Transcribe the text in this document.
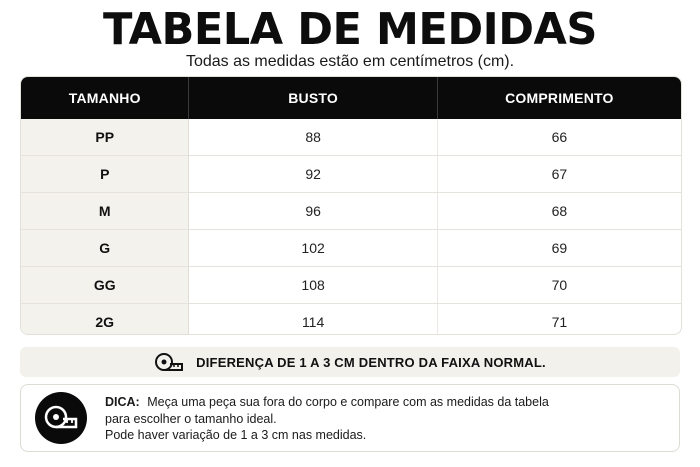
TABELA DE MEDIDAS
Todas as medidas estão em centímetros (cm).
TAMANHO	BUSTO	COMPRIMENTO
PP	88	66
P	92	67
M	96	68
G	102	69
GG	108	70
2G	114	71
DIFERENÇA DE 1 A 3 CM DENTRO DA FAIXA NORMAL.
DICA: Meça uma peça sua fora do corpo e compare com as medidas da tabela
para escolher o tamanho ideal.
Pode haver variação de 1 a 3 cm nas medidas.
